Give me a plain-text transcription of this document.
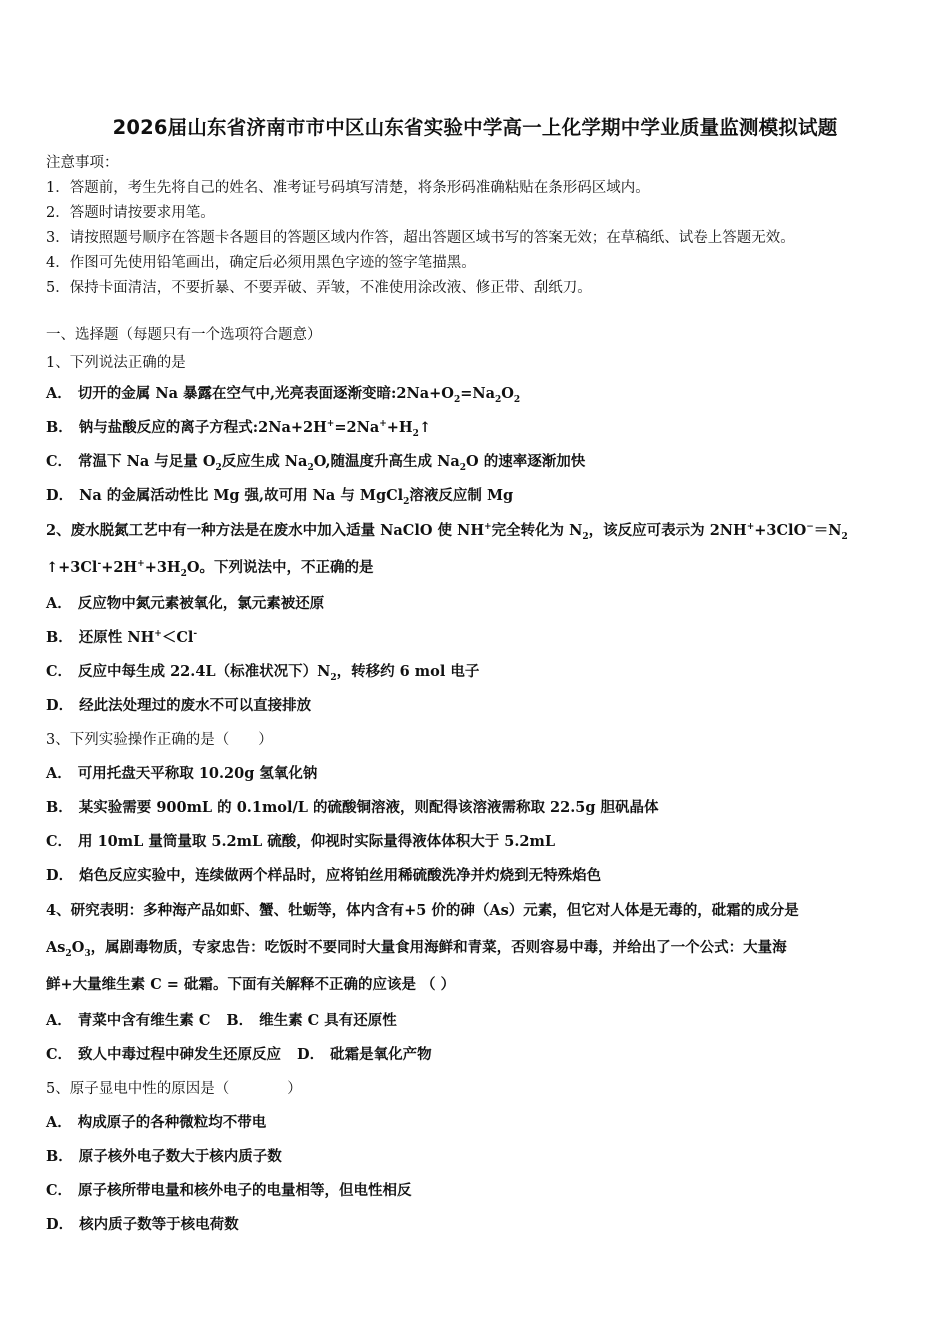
2026届山东省济南市市中区山东省实验中学高一上化学期中学业质量监测模拟试题
注意事项：
1．答题前，考生先将自己的姓名、准考证号码填写清楚，将条形码准确粘贴在条形码区域内。
2．答题时请按要求用笔。
3．请按照题号顺序在答题卡各题目的答题区域内作答，超出答题区域书写的答案无效；在草稿纸、试卷上答题无效。
4．作图可先使用铅笔画出，确定后必须用黑色字迹的签字笔描黑。
5．保持卡面清洁，不要折暴、不要弄破、弄皱，不准使用涂改液、修正带、刮纸刀。
一、选择题（每题只有一个选项符合题意）
1、下列说法正确的是
A． 切开的金属 Na 暴露在空气中,光亮表面逐渐变暗$:2Na+O_2=Na_2O_2$
B． 钠与盐酸反应的离子方程式$:2Na+2H^+=2Na^++H_2↑$
C． 常温下 Na 与足量 $O_2$反应生成 $Na_2O$,随温度升高生成 $Na_2O$ 的速率逐渐加快
D． Na 的金属活动性比 Mg 强,故可用 Na 与 MgCl$_2$溶液反应制 Mg
2、废水脱氮工艺中有一种方法是在废水中加入适量 NaClO 使 NH+完全转化为 $N_2$，该反应可表示为 $2NH^++3ClO^-=N_2$
$↑+3Cl^-+2H^++3H_2O$。下列说法中，不正确的是
A． 反应物中氮元素被氧化，氯元素被还原
B． 还原性 NH+＜Cl-
C． 反应中每生成 22.4L（标准状况下）$N_2$，转移约 6 mol 电子
D． 经此法处理过的废水不可以直接排放
3、下列实验操作正确的是（　　）
A． 可用托盘天平称取 10.20g 氢氧化钠
B． 某实验需要 900mL 的 0.1mol/L 的硫酸铜溶液，则配得该溶液需称取 22.5g 胆矾晶体
C． 用 10mL 量筒量取 5.2mL 硫酸，仰视时实际量得液体体积大于 5.2mL
D． 焰色反应实验中，连续做两个样品时，应将铂丝用稀硫酸洗净并灼烧到无特殊焰色
4、研究表明：多种海产品如虾、蟹、牡蛎等，体内含有+5 价的砷（As）元素，但它对人体是无毒的，砒霜的成分是
$As_2O_3$，属剧毒物质，专家忠告：吃饭时不要同时大量食用海鲜和青菜，否则容易中毒，并给出了一个公式：大量海
鲜+大量维生素 C = 砒霜。下面有关解释不正确的应该是 （ ）
A． 青菜中含有维生素 C B． 维生素 C 具有还原性
C． 致人中毒过程中砷发生还原反应 D． 砒霜是氧化产物
5、原子显电中性的原因是（　　　　）
A． 构成原子的各种微粒均不带电
B． 原子核外电子数大于核内质子数
C． 原子核所带电量和核外电子的电量相等，但电性相反
D． 核内质子数等于核电荷数
